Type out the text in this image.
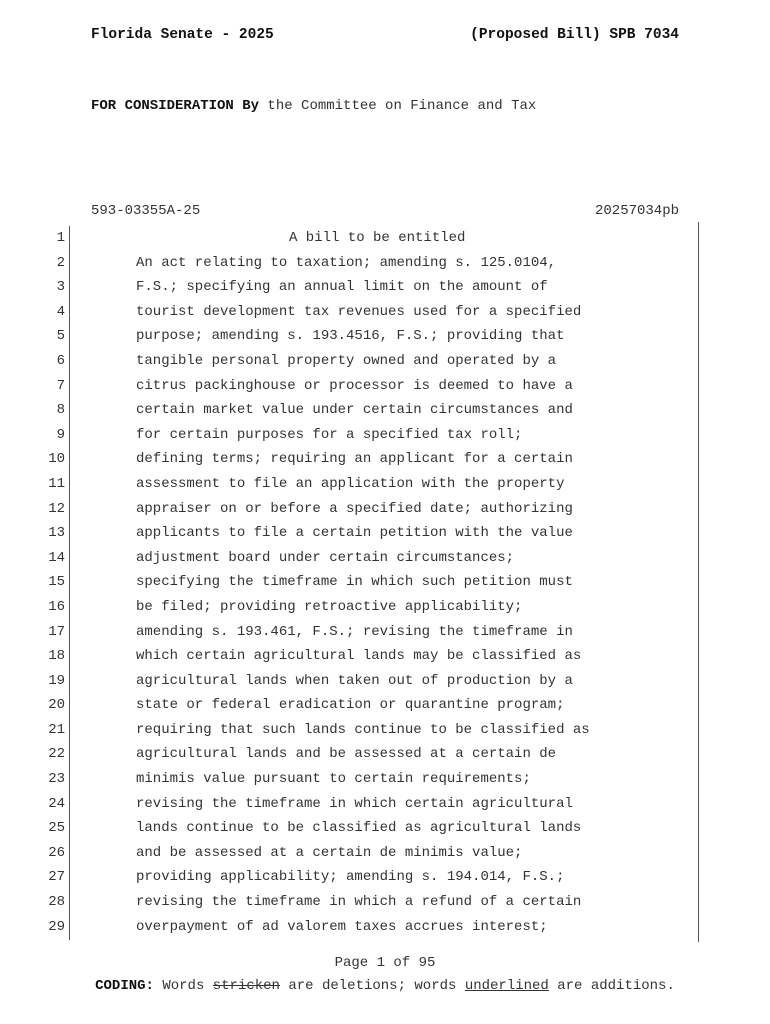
Florida Senate - 2025	(Proposed Bill) SPB 7034
FOR CONSIDERATION By the Committee on Finance and Tax
593-03355A-25	20257034pb
1	A bill to be entitled
2	An act relating to taxation; amending s. 125.0104,
3	F.S.; specifying an annual limit on the amount of
4	tourist development tax revenues used for a specified
5	purpose; amending s. 193.4516, F.S.; providing that
6	tangible personal property owned and operated by a
7	citrus packinghouse or processor is deemed to have a
8	certain market value under certain circumstances and
9	for certain purposes for a specified tax roll;
10	defining terms; requiring an applicant for a certain
11	assessment to file an application with the property
12	appraiser on or before a specified date; authorizing
13	applicants to file a certain petition with the value
14	adjustment board under certain circumstances;
15	specifying the timeframe in which such petition must
16	be filed; providing retroactive applicability;
17	amending s. 193.461, F.S.; revising the timeframe in
18	which certain agricultural lands may be classified as
19	agricultural lands when taken out of production by a
20	state or federal eradication or quarantine program;
21	requiring that such lands continue to be classified as
22	agricultural lands and be assessed at a certain de
23	minimis value pursuant to certain requirements;
24	revising the timeframe in which certain agricultural
25	lands continue to be classified as agricultural lands
26	and be assessed at a certain de minimis value;
27	providing applicability; amending s. 194.014, F.S.;
28	revising the timeframe in which a refund of a certain
29	overpayment of ad valorem taxes accrues interest;
Page 1 of 95
CODING: Words stricken are deletions; words underlined are additions.
